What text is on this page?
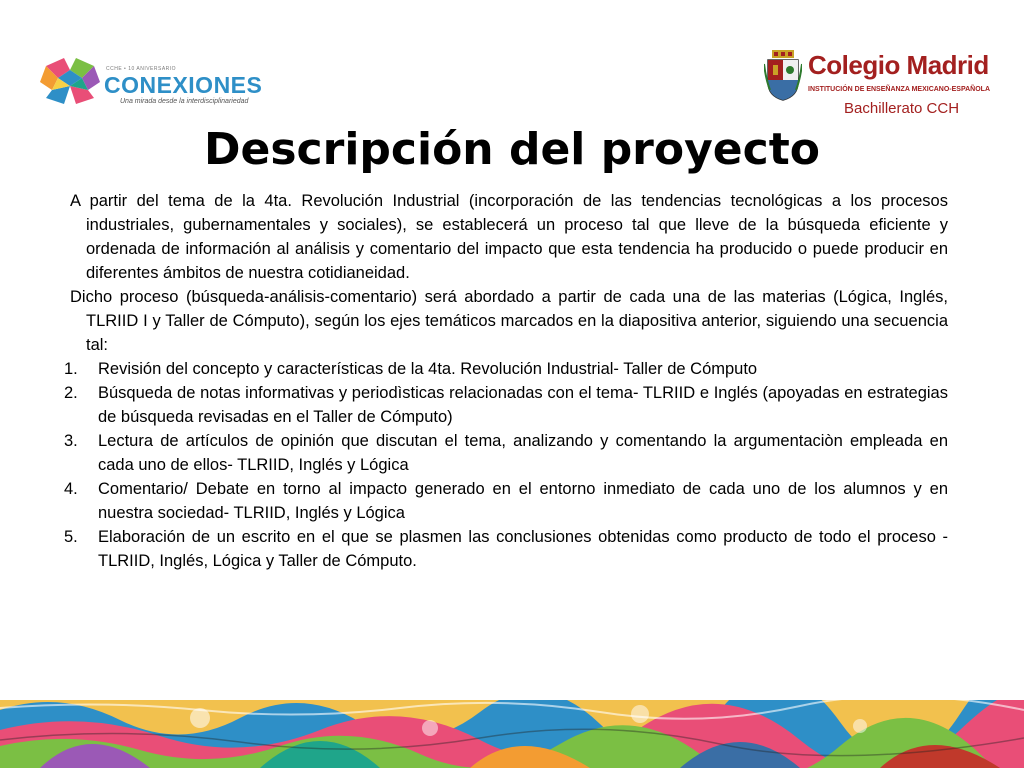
CCHE • 10 ANIVERSARIO
CONEXIONES
Una mirada desde la interdisciplinariedad
Colegio Madrid
INSTITUCIÓN DE ENSEÑANZA MEXICANO-ESPAÑOLA
Bachillerato CCH
Descripción del proyecto

A partir del tema de la 4ta. Revolución Industrial (incorporación de las tendencias tecnológicas a los procesos industriales, gubernamentales y sociales), se establecerá un proceso tal que lleve de la búsqueda eficiente y ordenada de información al análisis y comentario del impacto que esta tendencia ha producido o puede producir en diferentes ámbitos de nuestra cotidianeidad.

Dicho proceso (búsqueda-análisis-comentario) será abordado a partir de cada una de las materias (Lógica, Inglés, TLRIID I y Taller de Cómputo), según los ejes temáticos marcados en la diapositiva anterior, siguiendo una secuencia tal:

1. Revisión del concepto y características de la 4ta. Revolución Industrial- Taller de Cómputo
2. Búsqueda de notas informativas y periodìsticas relacionadas con el tema- TLRIID e Inglés (apoyadas en estrategias de búsqueda revisadas en el Taller de Cómputo)
3. Lectura de artículos de opinión que discutan el tema, analizando y comentando la argumentaciòn empleada en cada uno de ellos- TLRIID, Inglés y Lógica
4. Comentario/ Debate en torno al impacto generado en el entorno inmediato de cada uno de los alumnos y en nuestra sociedad- TLRIID, Inglés y Lógica
5. Elaboración de un escrito en el que se plasmen las conclusiones obtenidas como producto de todo el proceso -TLRIID, Inglés, Lógica y Taller de Cómputo.
